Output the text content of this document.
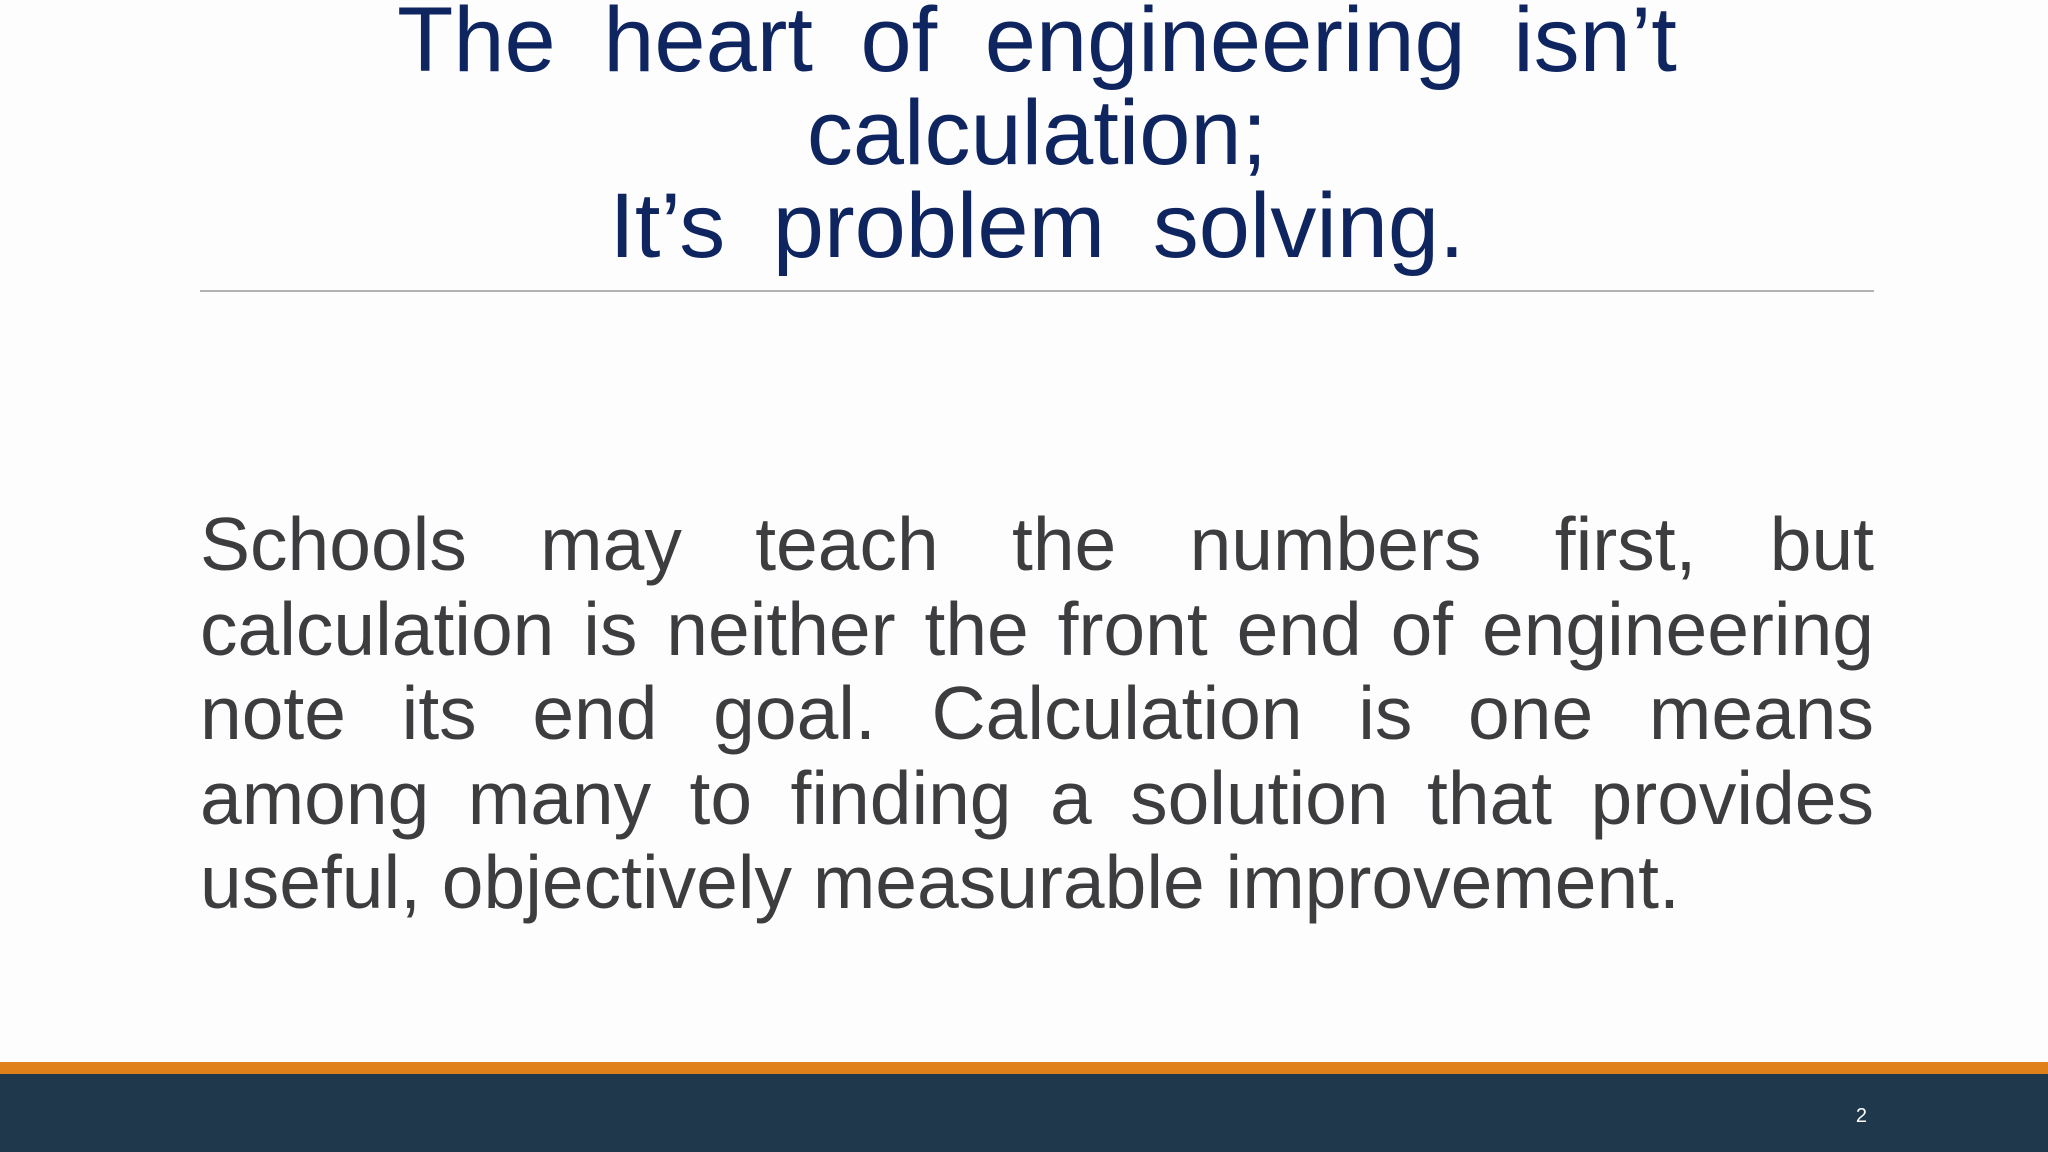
The heart of engineering isn’t
calculation;
It’s problem solving.
Schools may teach the numbers first, but calculation is neither the front end of engineering note its end goal. Calculation is one means among many to finding a solution that provides useful, objectively measurable improvement.
2
